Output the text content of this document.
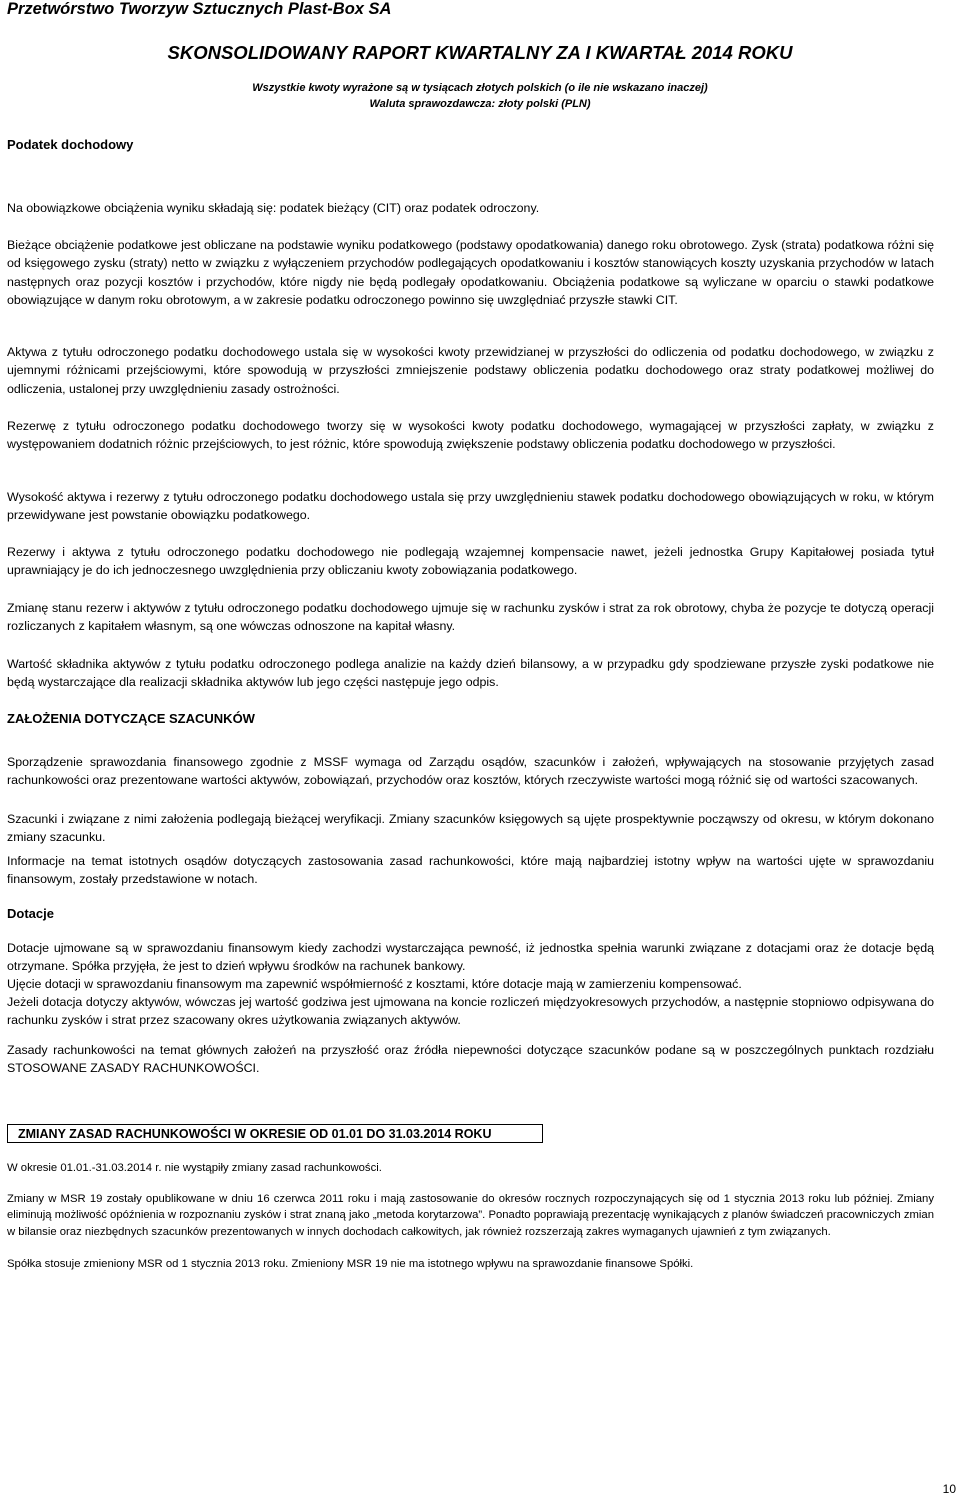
Przetwórstwo Tworzyw Sztucznych Plast-Box SA
SKONSOLIDOWANY RAPORT KWARTALNY ZA I KWARTAŁ 2014 ROKU
Wszystkie kwoty wyrażone są w tysiącach złotych polskich (o ile nie wskazano inaczej)
Waluta sprawozdawcza: złoty polski (PLN)
Podatek dochodowy
Na obowiązkowe obciążenia wyniku składają się: podatek bieżący (CIT) oraz podatek odroczony.
Bieżące obciążenie podatkowe jest obliczane na podstawie wyniku podatkowego (podstawy opodatkowania) danego roku obrotowego. Zysk (strata) podatkowa różni się od księgowego zysku (straty) netto w związku z wyłączeniem przychodów podlegających opodatkowaniu i kosztów stanowiących koszty uzyskania przychodów w latach następnych oraz pozycji kosztów i przychodów, które nigdy nie będą podlegały opodatkowaniu. Obciążenia podatkowe są wyliczane w oparciu o stawki podatkowe obowiązujące w danym roku obrotowym, a w zakresie podatku odroczonego powinno się uwzględniać przyszłe stawki CIT.
Aktywa z tytułu odroczonego podatku dochodowego ustala się w wysokości kwoty przewidzianej w przyszłości do odliczenia od podatku dochodowego, w związku z ujemnymi różnicami przejściowymi, które spowodują w przyszłości zmniejszenie podstawy obliczenia podatku dochodowego oraz straty podatkowej możliwej do odliczenia, ustalonej przy uwzględnieniu zasady ostrożności.
Rezerwę z tytułu odroczonego podatku dochodowego tworzy się w wysokości kwoty podatku dochodowego, wymagającej w przyszłości zapłaty, w związku z występowaniem dodatnich różnic przejściowych, to jest różnic, które spowodują zwiększenie podstawy obliczenia podatku dochodowego w przyszłości.
Wysokość aktywa i rezerwy z tytułu odroczonego podatku dochodowego ustala się przy uwzględnieniu stawek podatku dochodowego obowiązujących w roku, w którym przewidywane jest powstanie obowiązku podatkowego.
Rezerwy i aktywa z tytułu odroczonego podatku dochodowego nie podlegają wzajemnej kompensacie nawet, jeżeli jednostka Grupy Kapitałowej posiada tytuł uprawniający je do ich jednoczesnego uwzględnienia przy obliczaniu kwoty zobowiązania podatkowego.
Zmianę stanu rezerw i aktywów z tytułu odroczonego podatku dochodowego ujmuje się w rachunku zysków i strat za rok obrotowy, chyba że pozycje te dotyczą operacji rozliczanych z kapitałem własnym, są one wówczas odnoszone na kapitał własny.
Wartość składnika aktywów z tytułu podatku odroczonego podlega analizie na każdy dzień bilansowy, a w przypadku gdy spodziewane przyszłe zyski podatkowe nie będą wystarczające dla realizacji składnika aktywów lub jego części następuje jego odpis.
ZAŁOŻENIA DOTYCZĄCE SZACUNKÓW
Sporządzenie sprawozdania finansowego zgodnie z MSSF wymaga od Zarządu osądów, szacunków i założeń, wpływających na stosowanie przyjętych zasad rachunkowości oraz prezentowane wartości aktywów, zobowiązań, przychodów oraz kosztów, których rzeczywiste wartości mogą różnić się od wartości szacowanych.
Szacunki i związane z nimi założenia podlegają bieżącej weryfikacji. Zmiany szacunków księgowych są ujęte prospektywnie począwszy od okresu, w którym dokonano zmiany szacunku.
Informacje na temat istotnych osądów dotyczących zastosowania zasad rachunkowości, które mają najbardziej istotny wpływ na wartości ujęte w sprawozdaniu finansowym, zostały przedstawione w notach.
Dotacje
Dotacje ujmowane są w sprawozdaniu finansowym kiedy zachodzi wystarczająca pewność, iż jednostka spełnia warunki związane z dotacjami oraz że dotacje będą otrzymane. Spółka przyjęła, że jest to dzień wpływu środków na rachunek bankowy.
Ujęcie dotacji w sprawozdaniu finansowym ma zapewnić współmierność z kosztami, które dotacje mają w zamierzeniu kompensować.
Jeżeli dotacja dotyczy aktywów, wówczas jej wartość godziwa jest ujmowana na koncie rozliczeń międzyokresowych przychodów, a następnie stopniowo odpisywana do rachunku zysków i strat przez szacowany okres użytkowania związanych aktywów.
Zasady rachunkowości na temat głównych założeń na przyszłość oraz źródła niepewności dotyczące szacunków podane są w poszczególnych punktach rozdziału STOSOWANE ZASADY RACHUNKOWOŚCI.
ZMIANY ZASAD RACHUNKOWOŚCI W OKRESIE OD 01.01 DO 31.03.2014 ROKU
W okresie 01.01.-31.03.2014 r. nie wystąpiły zmiany zasad rachunkowości.
Zmiany w MSR 19 zostały opublikowane w dniu 16 czerwca 2011 roku i mają zastosowanie do okresów rocznych rozpoczynających się od 1 stycznia 2013 roku lub później. Zmiany eliminują możliwość opóźnienia w rozpoznaniu zysków i strat znaną jako „metoda korytarzowa”. Ponadto poprawiają prezentację wynikających z planów świadczeń pracowniczych zmian w bilansie oraz niezbędnych szacunków prezentowanych w innych dochodach całkowitych, jak również rozszerzają zakres wymaganych ujawnień z tym związanych.
Spółka stosuje zmieniony MSR od 1 stycznia 2013 roku. Zmieniony MSR 19 nie ma istotnego wpływu na sprawozdanie finansowe Spółki.
10
